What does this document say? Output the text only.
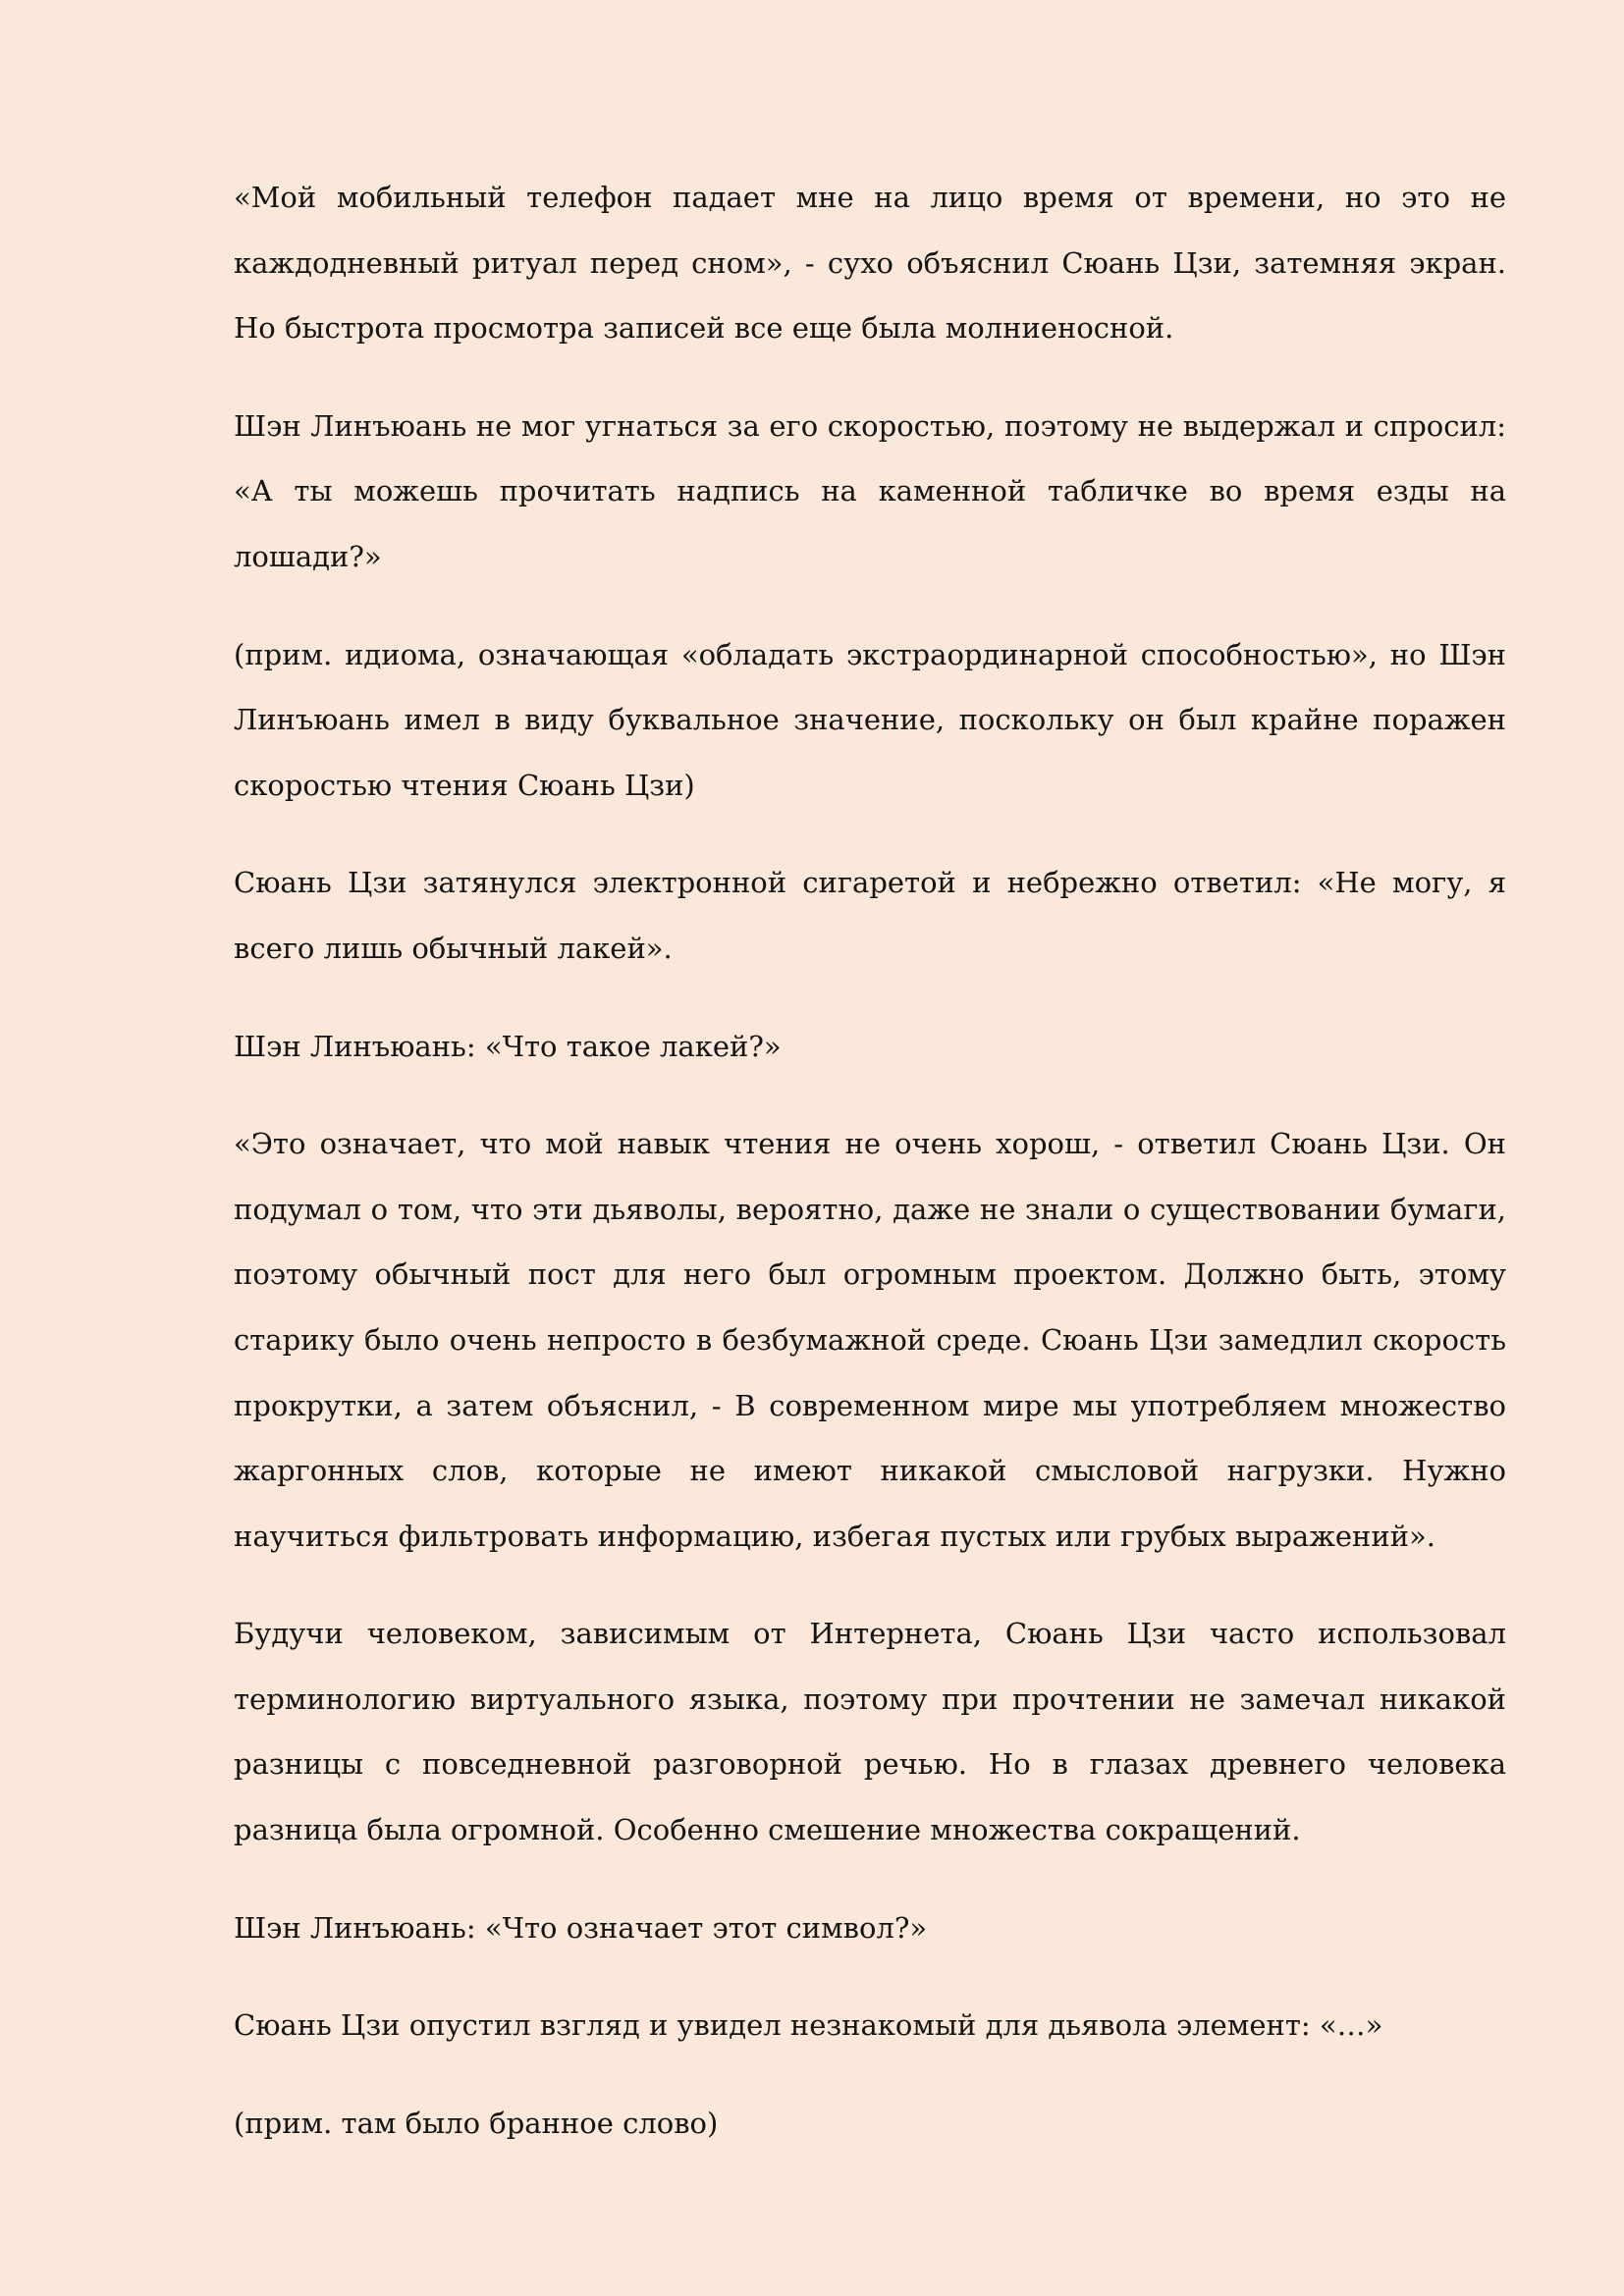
«Мой мобильный телефон падает мне на лицо время от времени, но это не каждодневный ритуал перед сном», - сухо объяснил Сюань Цзи, затемняя экран. Но быстрота просмотра записей все еще была молниеносной.

Шэн Линъюань не мог угнаться за его скоростью, поэтому не выдержал и спросил: «А ты можешь прочитать надпись на каменной табличке во время езды на лошади?»

(прим. идиома, означающая «обладать экстраординарной способностью», но Шэн Линъюань имел в виду буквальное значение, поскольку он был крайне поражен скоростью чтения Сюань Цзи)

Сюань Цзи затянулся электронной сигаретой и небрежно ответил: «Не могу, я всего лишь обычный лакей».

Шэн Линъюань: «Что такое лакей?»

«Это означает, что мой навык чтения не очень хорош, - ответил Сюань Цзи. Он подумал о том, что эти дьяволы, вероятно, даже не знали о существовании бумаги, поэтому обычный пост для него был огромным проектом. Должно быть, этому старику было очень непросто в безбумажной среде. Сюань Цзи замедлил скорость прокрутки, а затем объяснил, - В современном мире мы употребляем множество жаргонных слов, которые не имеют никакой смысловой нагрузки. Нужно научиться фильтровать информацию, избегая пустых или грубых выражений».

Будучи человеком, зависимым от Интернета, Сюань Цзи часто использовал терминологию виртуального языка, поэтому при прочтении не замечал никакой разницы с повседневной разговорной речью. Но в глазах древнего человека разница была огромной. Особенно смешение множества сокращений.

Шэн Линъюань: «Что означает этот символ?»

Сюань Цзи опустил взгляд и увидел незнакомый для дьявола элемент: «…»

(прим. там было бранное слово)
